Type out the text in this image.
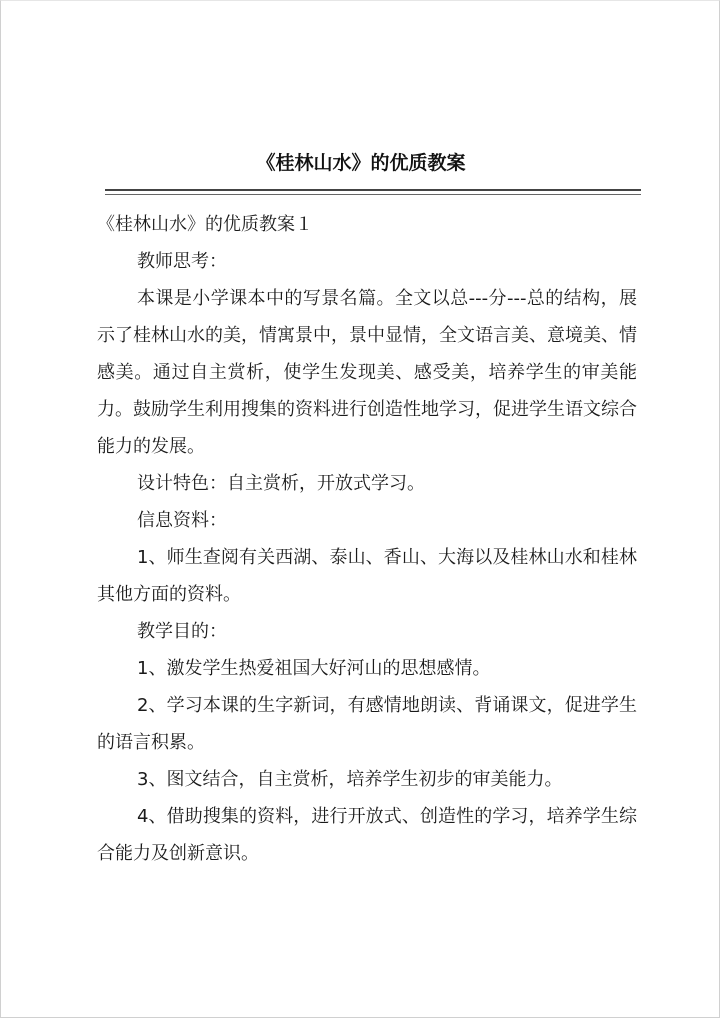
《桂林山水》的优质教案

《桂林山水》的优质教案１

教师思考：

本课是小学课本中的写景名篇。全文以总---分---总的结构，展示了桂林山水的美，情寓景中，景中显情，全文语言美、意境美、情感美。通过自主赏析，使学生发现美、感受美，培养学生的审美能力。鼓励学生利用搜集的资料进行创造性地学习，促进学生语文综合能力的发展。

设计特色：自主赏析，开放式学习。

信息资料：

1、师生查阅有关西湖、泰山、香山、大海以及桂林山水和桂林其他方面的资料。

教学目的：

1、激发学生热爱祖国大好河山的思想感情。

2、学习本课的生字新词，有感情地朗读、背诵课文，促进学生的语言积累。

3、图文结合，自主赏析，培养学生初步的审美能力。

4、借助搜集的资料，进行开放式、创造性的学习，培养学生综合能力及创新意识。
